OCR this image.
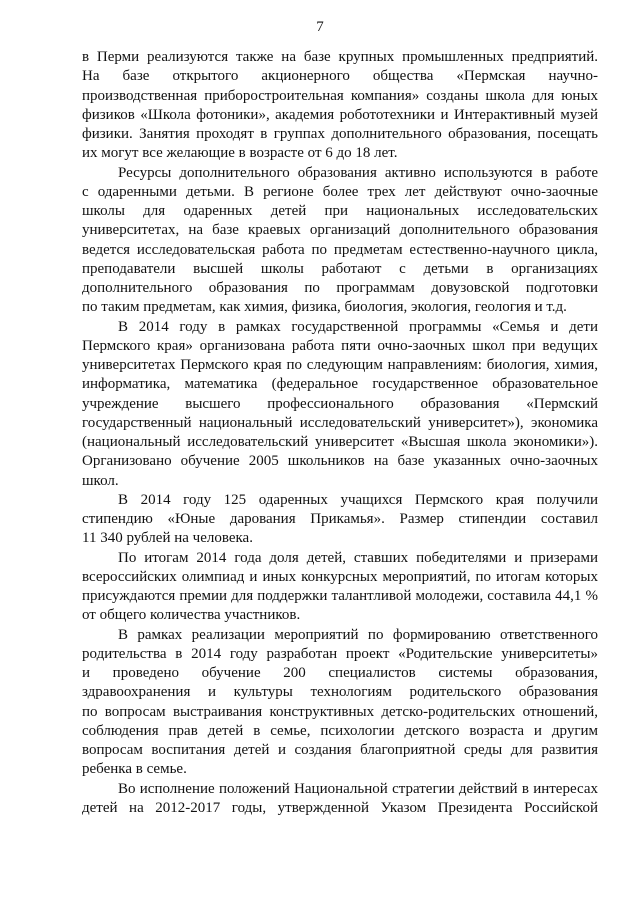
7
в Перми реализуются также на базе крупных промышленных предприятий.
На базе открытого акционерного общества «Пермская научно-
производственная приборостроительная компания» созданы школа для юных
физиков «Школа фотоники», академия робототехники и Интерактивный музей
физики. Занятия проходят в группах дополнительного образования, посещать
их могут все желающие в возрасте от 6 до 18 лет.
Ресурсы дополнительного образования активно используются в работе
с одаренными детьми. В регионе более трех лет действуют очно-заочные
школы для одаренных детей при национальных исследовательских
университетах, на базе краевых организаций дополнительного образования
ведется исследовательская работа по предметам естественно-научного цикла,
преподаватели высшей школы работают с детьми в организациях
дополнительного образования по программам довузовской подготовки
по таким предметам, как химия, физика, биология, экология, геология и т.д.
В 2014 году в рамках государственной программы «Семья и дети
Пермского края» организована работа пяти очно-заочных школ при ведущих
университетах Пермского края по следующим направлениям: биология, химия,
информатика, математика (федеральное государственное образовательное
учреждение высшего профессионального образования «Пермский
государственный национальный исследовательский университет»), экономика
(национальный исследовательский университет «Высшая школа экономики»).
Организовано обучение 2005 школьников на базе указанных очно-заочных
школ.
В 2014 году 125 одаренных учащихся Пермского края получили
стипендию «Юные дарования Прикамья». Размер стипендии составил
11 340 рублей на человека.
По итогам 2014 года доля детей, ставших победителями и призерами
всероссийских олимпиад и иных конкурсных мероприятий, по итогам которых
присуждаются премии для поддержки талантливой молодежи, составила 44,1 %
от общего количества участников.
В рамках реализации мероприятий по формированию ответственного
родительства в 2014 году разработан проект «Родительские университеты»
и проведено обучение 200 специалистов системы образования,
здравоохранения и культуры технологиям родительского образования
по вопросам выстраивания конструктивных детско-родительских отношений,
соблюдения прав детей в семье, психологии детского возраста и другим
вопросам воспитания детей и создания благоприятной среды для развития
ребенка в семье.
Во исполнение положений Национальной стратегии действий в интересах
детей на 2012-2017 годы, утвержденной Указом Президента Российской
